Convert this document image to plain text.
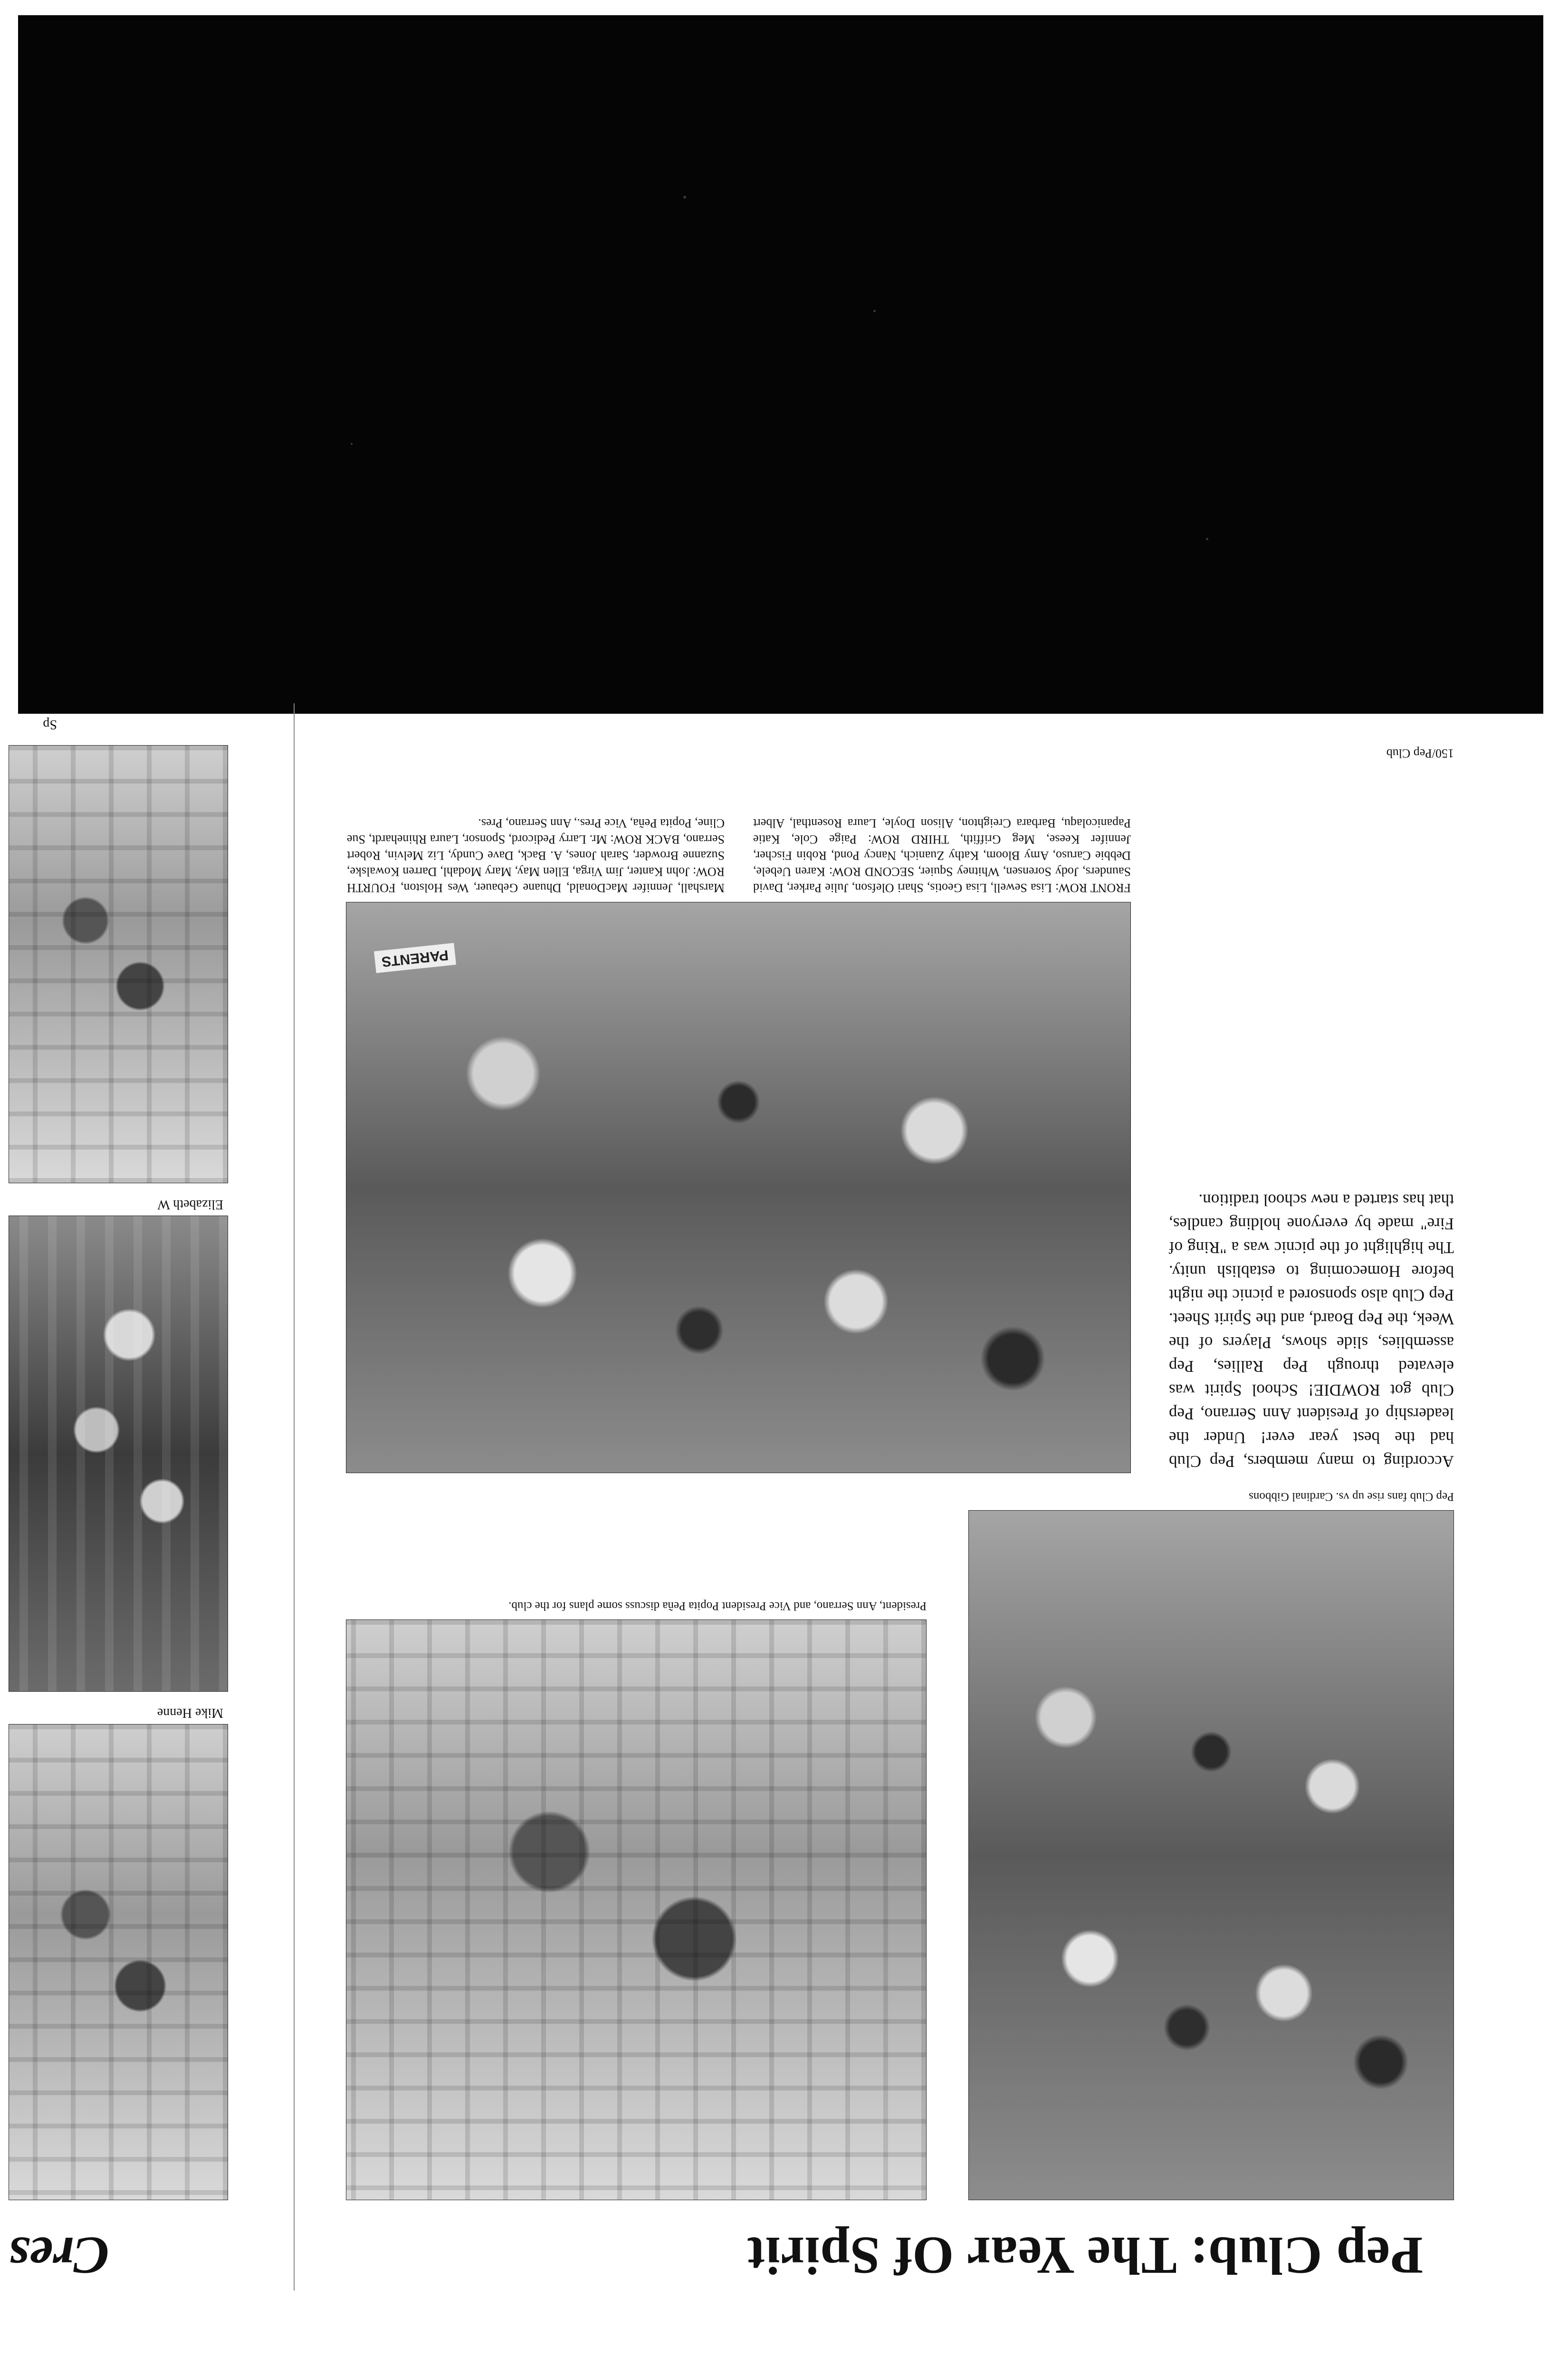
Pep Club: The Year Of Spirit
Cres
Pep Club fans rise up vs. Cardinal Gibbons
According to many members, Pep Club had the best year ever! Under the leadership of President Ann Serrano, Pep Club got ROWDIE! School Spirit was elevated through Pep Rallies, Pep assemblies, slide shows, Players of the Week, the Pep Board, and the Spirit Sheet. Pep Club also sponsored a picnic the night before Homecoming to establish unity. The highlight of the picnic was a "Ring of Fire" made by everyone holding candles, that has started a new school tradition.
PARENTS
FRONT ROW: Lisa Sewell, Lisa Geotis, Shari Olefson, Julie Parker, David Saunders, Jody Sorensen, Whitney Squier, SECOND ROW: Karen Uebele, Debbie Caruso, Amy Bloom, Kathy Zuanich, Nancy Pond, Robin Fischer, Jennifer Keese, Meg Griffith, THIRD ROW: Paige Cole, Katie Papanicolaqu, Barbara Creighton, Alison Doyle, Laura Rosenthal, Albert Marshall, Jennifer MacDonald, Dhuane Gebauer, Wes Holston, FOURTH ROW: John Kanter, Jim Virga, Ellen May, Mary Modahl, Darren Kowalske, Suzanne Browder, Sarah Jones, A. Back, Dave Cundy, Liz Melvin, Robert Serrano, BACK ROW: Mr. Larry Pedicord, Sponsor, Laura Rhinehardt, Sue Cline, Popita Peña, Vice Pres., Ann Serrano, Pres.
President, Ann Serrano, and Vice President Popita Peña discuss some plans for the club.
150/Pep Club
Mike Henne
Elizabeth W
Sp
